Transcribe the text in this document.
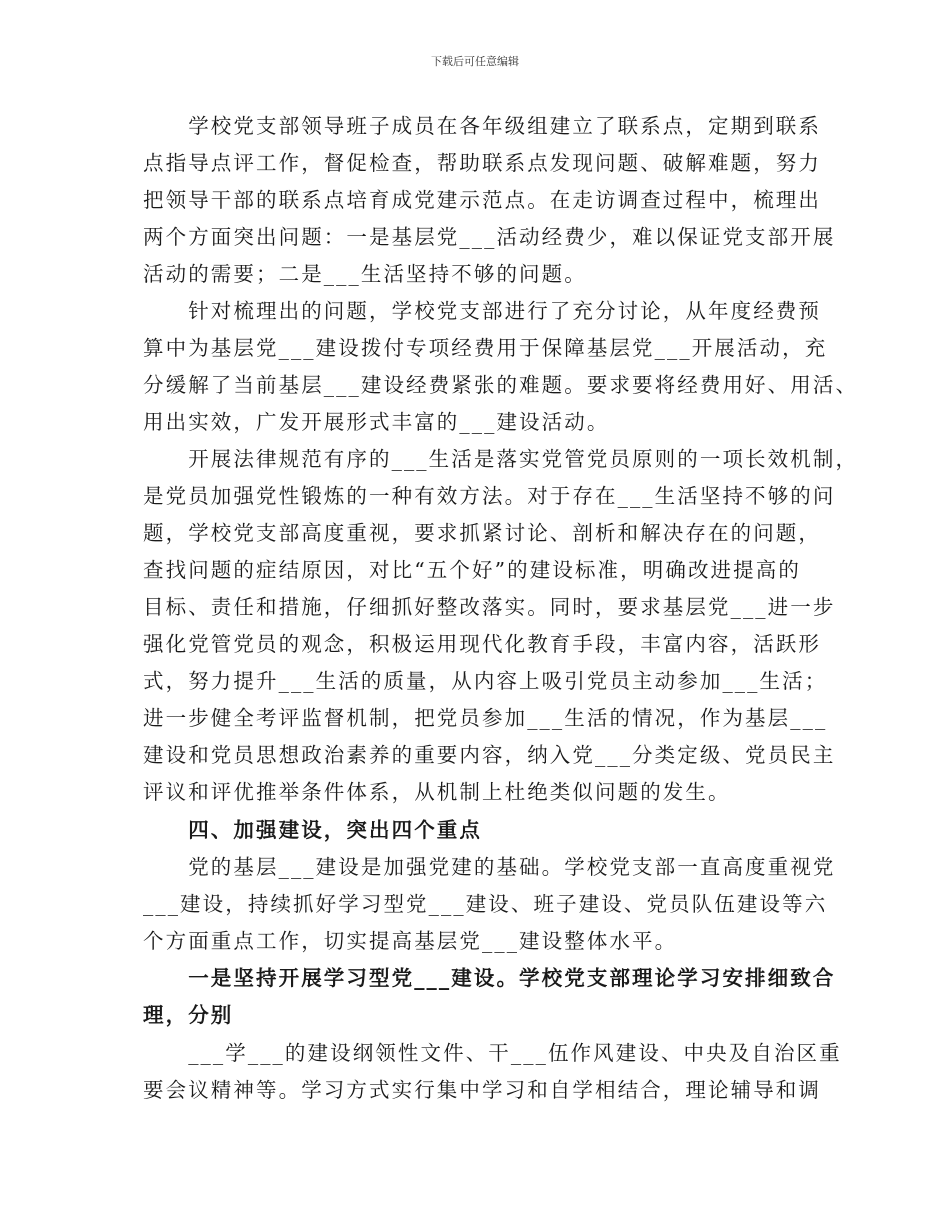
下载后可任意编辑
　　学校党支部领导班子成员在各年级组建立了联系点，定期到联系
点指导点评工作，督促检查，帮助联系点发现问题、破解难题，努力
把领导干部的联系点培育成党建示范点。在走访调查过程中，梳理出
两个方面突出问题：一是基层党___活动经费少，难以保证党支部开展
活动的需要；二是___生活坚持不够的问题。
　　针对梳理出的问题，学校党支部进行了充分讨论，从年度经费预
算中为基层党___建设拨付专项经费用于保障基层党___开展活动，充
分缓解了当前基层___建设经费紧张的难题。要求要将经费用好、用活、
用出实效，广发开展形式丰富的___建设活动。
　　开展法律规范有序的___生活是落实党管党员原则的一项长效机制，
是党员加强党性锻炼的一种有效方法。对于存在___生活坚持不够的问
题，学校党支部高度重视，要求抓紧讨论、剖析和解决存在的问题，
查找问题的症结原因，对比“五个好”的建设标准，明确改进提高的
目标、责任和措施，仔细抓好整改落实。同时，要求基层党___进一步
强化党管党员的观念，积极运用现代化教育手段，丰富内容，活跃形
式，努力提升___生活的质量，从内容上吸引党员主动参加___生活；
进一步健全考评监督机制，把党员参加___生活的情况，作为基层___
建设和党员思想政治素养的重要内容，纳入党___分类定级、党员民主
评议和评优推举条件体系，从机制上杜绝类似问题的发生。
　　四、加强建设，突出四个重点
　　党的基层___建设是加强党建的基础。学校党支部一直高度重视党
___建设，持续抓好学习型党___建设、班子建设、党员队伍建设等六
个方面重点工作，切实提高基层党___建设整体水平。
　　一是坚持开展学习型党___建设。学校党支部理论学习安排细致合
理，分别
　　___学___的建设纲领性文件、干___伍作风建设、中央及自治区重
要会议精神等。学习方式实行集中学习和自学相结合，理论辅导和调
